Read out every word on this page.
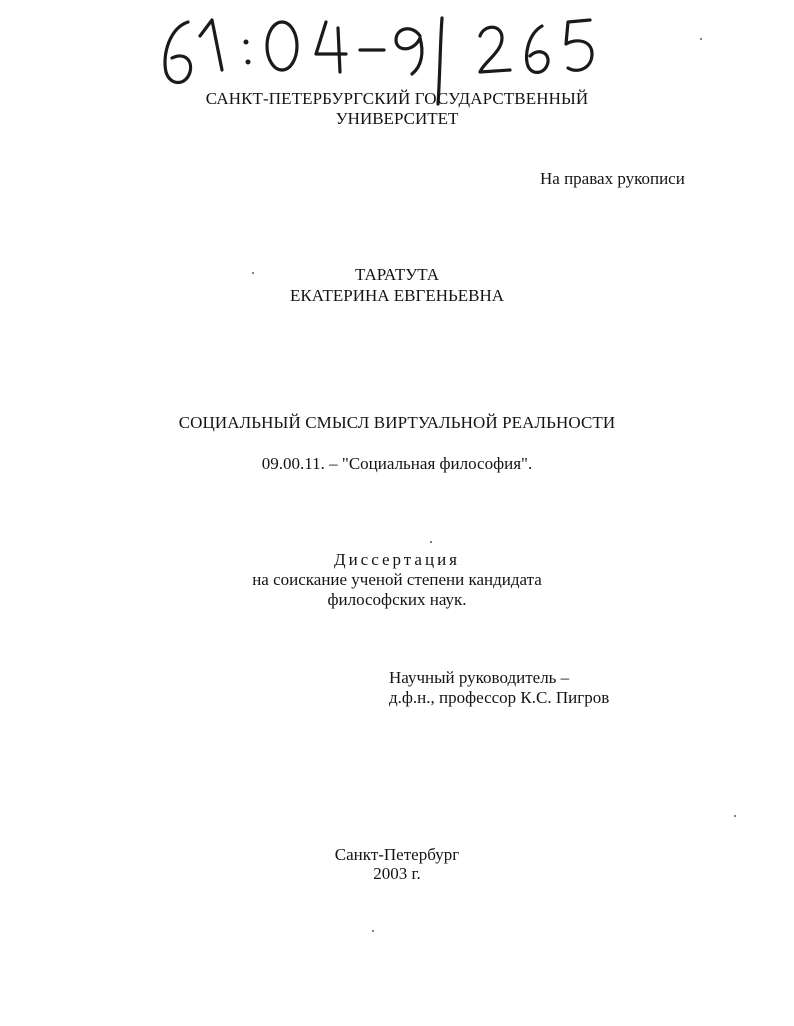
САНКТ-ПЕТЕРБУРГСКИЙ ГОСУДАРСТВЕННЫЙ
УНИВЕРСИТЕТ
На правах рукописи
ТАРАТУТА
ЕКАТЕРИНА ЕВГЕНЬЕВНА
СОЦИАЛЬНЫЙ СМЫСЛ ВИРТУАЛЬНОЙ РЕАЛЬНОСТИ
09.00.11. – "Социальная философия".
Диссертация
на соискание ученой степени кандидата
философских наук.
Научный руководитель –
д.ф.н., профессор К.С. Пигров
Санкт-Петербург
2003 г.
